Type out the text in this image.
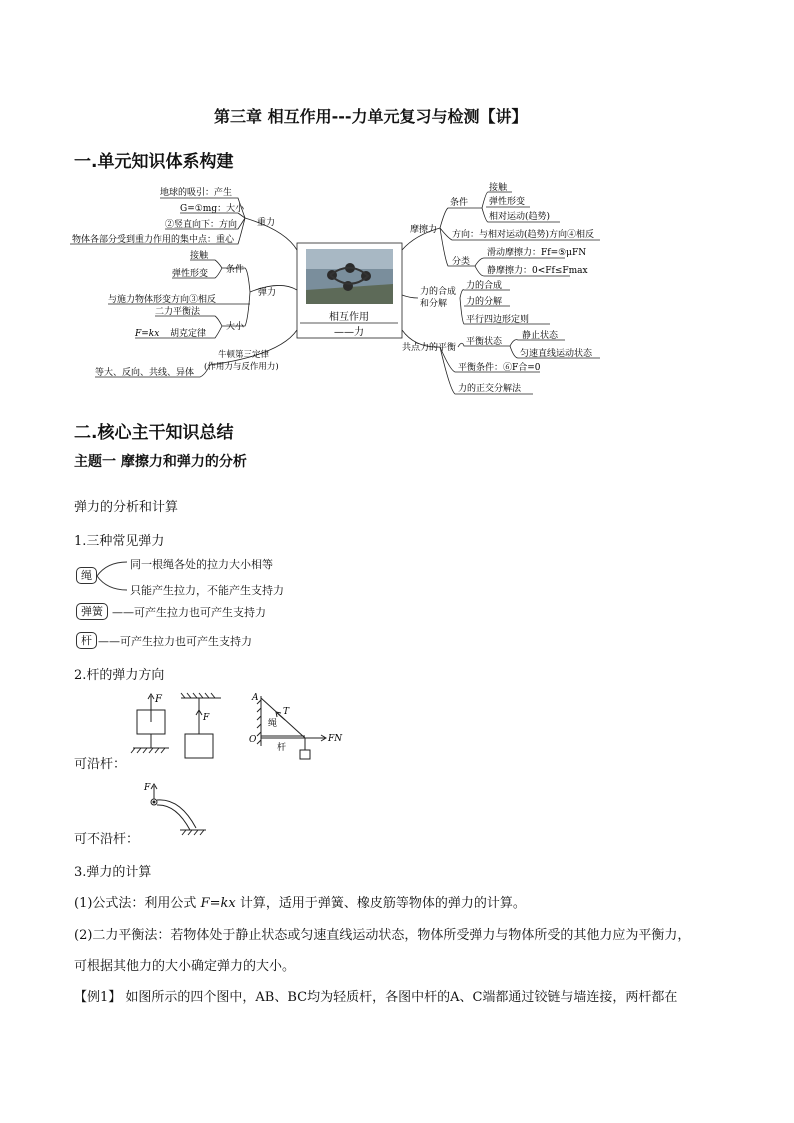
第三章 相互作用---力单元复习与检测【讲】
一.单元知识体系构建
相互作用
——力
重力
地球的吸引：产生
G=①mg：大小
②竖直向下：方向
物体各部分受到重力作用的集中点：重心
弹力
条件
接触
弹性形变
与施力物体形变方向③相反
大小
二力平衡法
F=kx 胡克定律
牛顿第三定律
(作用力与反作用力)
等大、反向、共线、异体
摩擦力
条件
接触
弹性形变
相对运动(趋势)
方向：与相对运动(趋势)方向④相反
分类
滑动摩擦力：Ff=⑤μFN
静摩擦力：0<Ff≤Fmax
力的合成
和分解
力的合成
力的分解
平行四边形定则
共点力的平衡
平衡状态
静止状态
匀速直线运动状态
平衡条件：⑥F合=0
力的正交分解法
二.核心主干知识总结
主题一 摩擦力和弹力的分析
弹力的分析和计算
1.三种常见弹力
绳
同一根绳各处的拉力大小相等
只能产生拉力，不能产生支持力
弹簧 ——可产生拉力也可产生支持力
杆 ——可产生拉力也可产生支持力
2.杆的弹力方向
F
F
A
O
T
绳
杆
FN
可沿杆：
F
可不沿杆：
3.弹力的计算
(1)公式法：利用公式 F=kx 计算，适用于弹簧、橡皮筋等物体的弹力的计算。
(2)二力平衡法：若物体处于静止状态或匀速直线运动状态，物体所受弹力与物体所受的其他力应为平衡力，
可根据其他力的大小确定弹力的大小。
【例1】 如图所示的四个图中，AB、BC均为轻质杆，各图中杆的A、C端都通过铰链与墙连接，两杆都在
